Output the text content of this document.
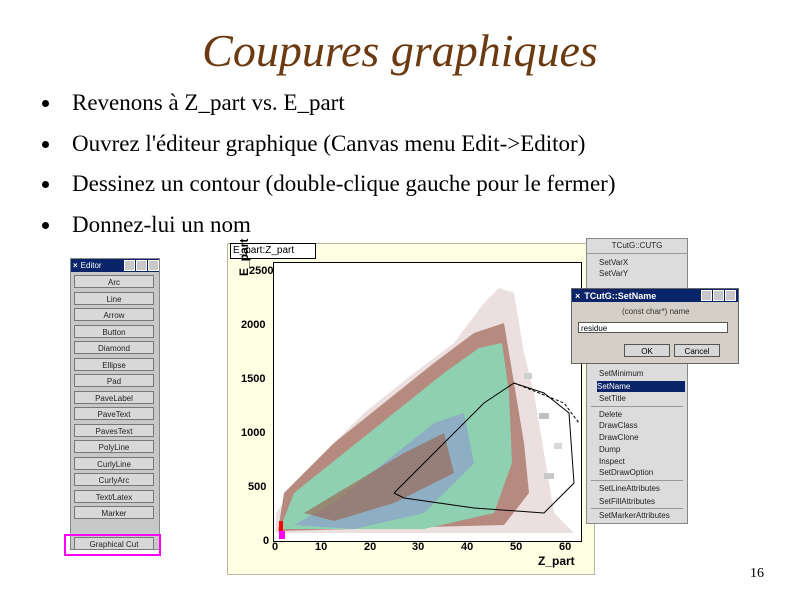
Coupures graphiques
Revenons à Z_part vs. E_part
Ouvrez l'éditeur graphique (Canvas menu Edit->Editor)
Dessinez un contour (double-clique gauche pour le fermer)
Donnez-lui un nom
× Editor
Arc
Line
Arrow
Button
Diamond
Ellipse
Pad
PaveLabel
PaveText
PavesText
PolyLine
CurlyLine
CurlyArc
Text/Latex
Marker
Graphical Cut
E_part:Z_part
E_part
2500
2000
1500
1000
500
0 0	10	20	30	40	50	60
Z_part
TCutG::CUTG
SetVarX
SetVarY
SetMinimum
SetName
SetTitle
Delete
DrawClass
DrawClone
Dump
Inspect
SetDrawOption
SetLineAttributes
SetFillAttributes
SetMarkerAttributes
× TCutG::SetName
(const char*) name
residue
OK	Cancel
16
